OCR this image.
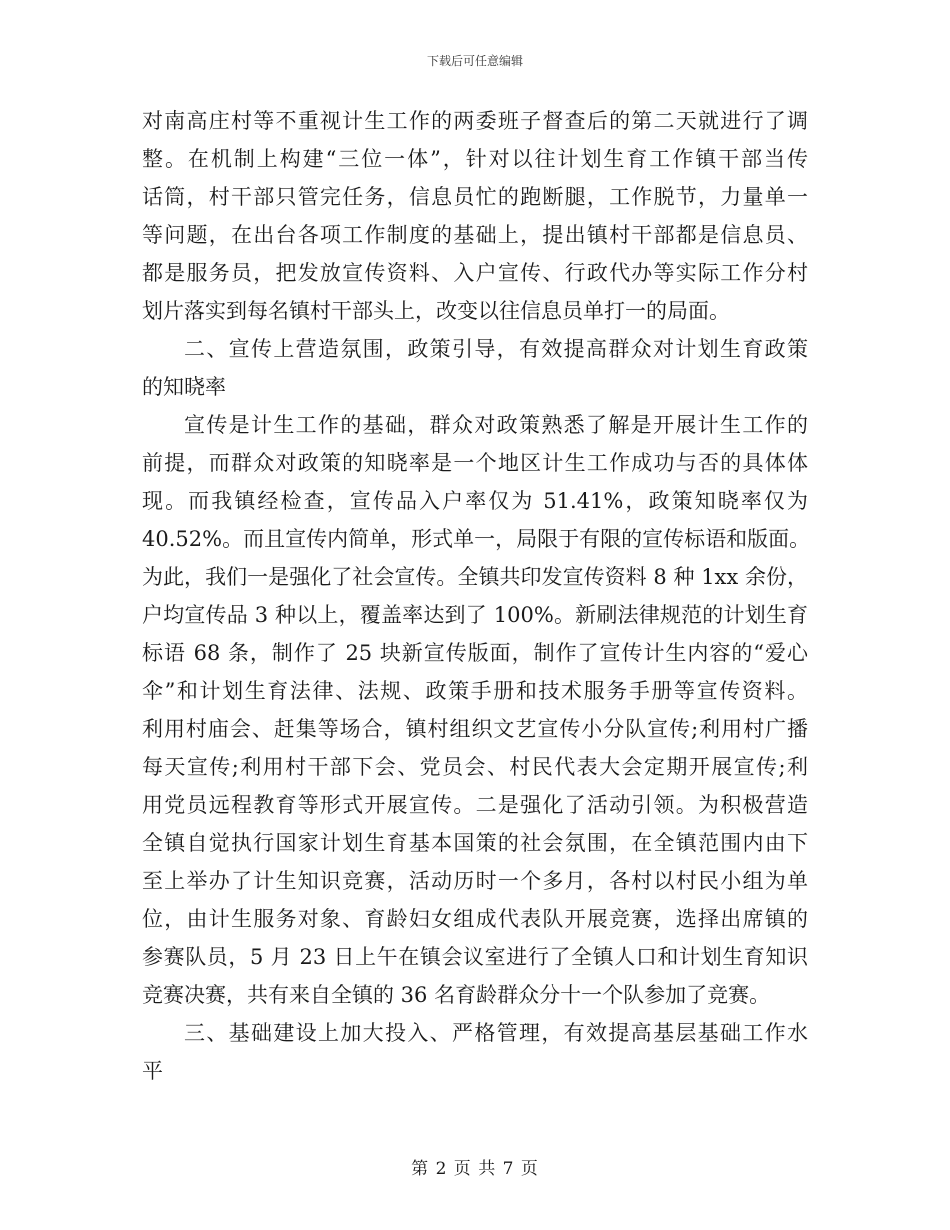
下载后可任意编辑
对南高庄村等不重视计生工作的两委班子督查后的第二天就进行了调
整。在机制上构建“三位一体”，针对以往计划生育工作镇干部当传
话筒，村干部只管完任务，信息员忙的跑断腿，工作脱节，力量单一
等问题，在出台各项工作制度的基础上，提出镇村干部都是信息员、
都是服务员，把发放宣传资料、入户宣传、行政代办等实际工作分村
划片落实到每名镇村干部头上，改变以往信息员单打一的局面。
二、宣传上营造氛围，政策引导，有效提高群众对计划生育政策
的知晓率
宣传是计生工作的基础，群众对政策熟悉了解是开展计生工作的
前提，而群众对政策的知晓率是一个地区计生工作成功与否的具体体
现。而我镇经检查，宣传品入户率仅为 51.41%，政策知晓率仅为
40.52%。而且宣传内简单，形式单一，局限于有限的宣传标语和版面。
为此，我们一是强化了社会宣传。全镇共印发宣传资料 8 种 1xx 余份，
户均宣传品 3 种以上，覆盖率达到了 100%。新刷法律规范的计划生育
标语 68 条，制作了 25 块新宣传版面，制作了宣传计生内容的“爱心
伞”和计划生育法律、法规、政策手册和技术服务手册等宣传资料。
利用村庙会、赶集等场合，镇村组织文艺宣传小分队宣传;利用村广播
每天宣传;利用村干部下会、党员会、村民代表大会定期开展宣传;利
用党员远程教育等形式开展宣传。二是强化了活动引领。为积极营造
全镇自觉执行国家计划生育基本国策的社会氛围，在全镇范围内由下
至上举办了计生知识竞赛，活动历时一个多月，各村以村民小组为单
位，由计生服务对象、育龄妇女组成代表队开展竞赛，选择出席镇的
参赛队员，5 月 23 日上午在镇会议室进行了全镇人口和计划生育知识
竞赛决赛，共有来自全镇的 36 名育龄群众分十一个队参加了竞赛。
三、基础建设上加大投入、严格管理，有效提高基层基础工作水
平
第 2 页 共 7 页
